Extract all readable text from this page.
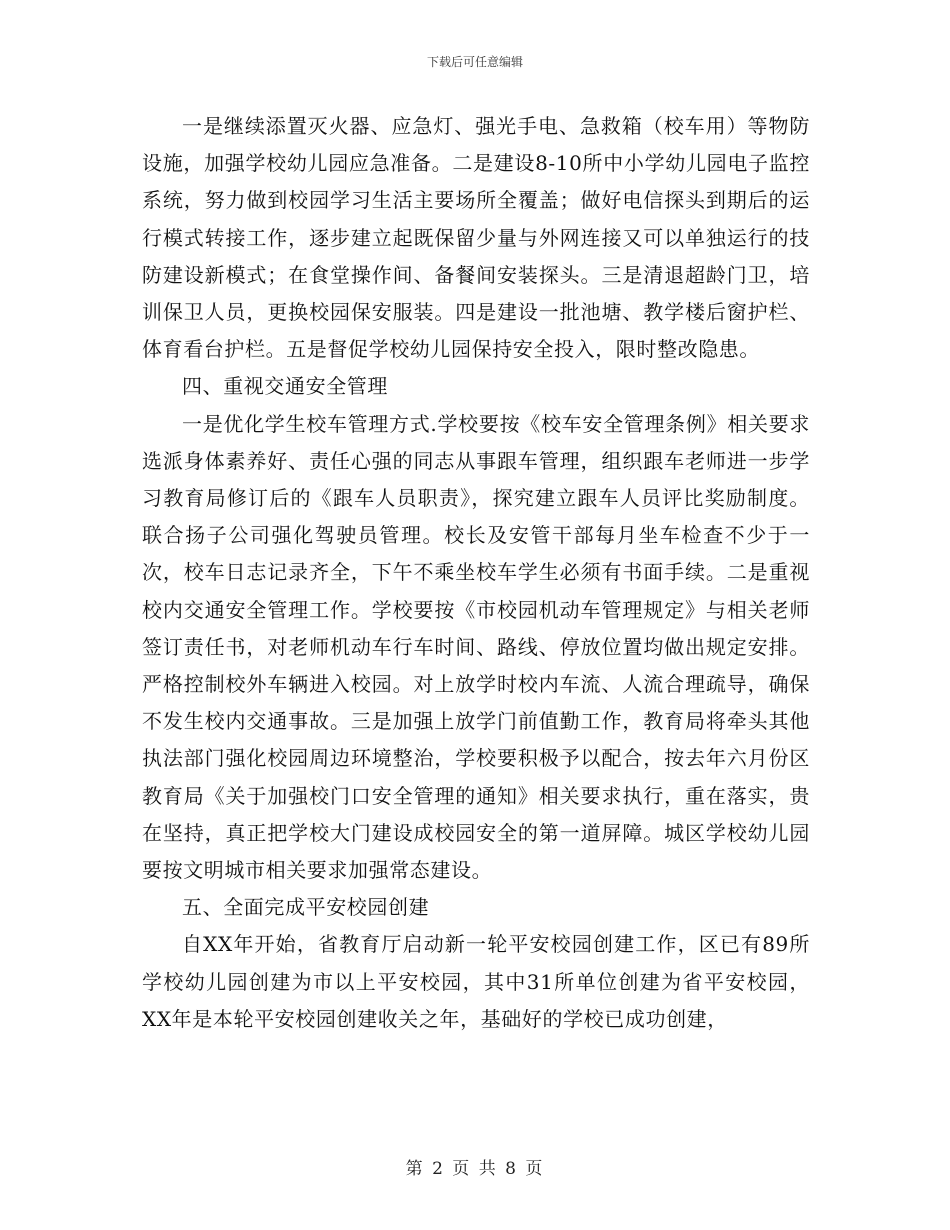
下载后可任意编辑

一是继续添置灭火器、应急灯、强光手电、急救箱（校车用）等物防设施，加强学校幼儿园应急准备。二是建设8-10所中小学幼儿园电子监控系统，努力做到校园学习生活主要场所全覆盖；做好电信探头到期后的运行模式转接工作，逐步建立起既保留少量与外网连接又可以单独运行的技防建设新模式；在食堂操作间、备餐间安装探头。三是清退超龄门卫，培训保卫人员，更换校园保安服装。四是建设一批池塘、教学楼后窗护栏、体育看台护栏。五是督促学校幼儿园保持安全投入，限时整改隐患。

四、重视交通安全管理

一是优化学生校车管理方式.学校要按《校车安全管理条例》相关要求选派身体素养好、责任心强的同志从事跟车管理，组织跟车老师进一步学习教育局修订后的《跟车人员职责》，探究建立跟车人员评比奖励制度。联合扬子公司强化驾驶员管理。校长及安管干部每月坐车检查不少于一次，校车日志记录齐全，下午不乘坐校车学生必须有书面手续。二是重视校内交通安全管理工作。学校要按《市校园机动车管理规定》与相关老师签订责任书，对老师机动车行车时间、路线、停放位置均做出规定安排。严格控制校外车辆进入校园。对上放学时校内车流、人流合理疏导，确保不发生校内交通事故。三是加强上放学门前值勤工作，教育局将牵头其他执法部门强化校园周边环境整治，学校要积极予以配合，按去年六月份区教育局《关于加强校门口安全管理的通知》相关要求执行，重在落实，贵在坚持，真正把学校大门建设成校园安全的第一道屏障。城区学校幼儿园要按文明城市相关要求加强常态建设。

五、全面完成平安校园创建

自XX年开始，省教育厅启动新一轮平安校园创建工作，区已有89所学校幼儿园创建为市以上平安校园，其中31所单位创建为省平安校园，XX年是本轮平安校园创建收关之年，基础好的学校已成功创建，

第 2 页 共 8 页
